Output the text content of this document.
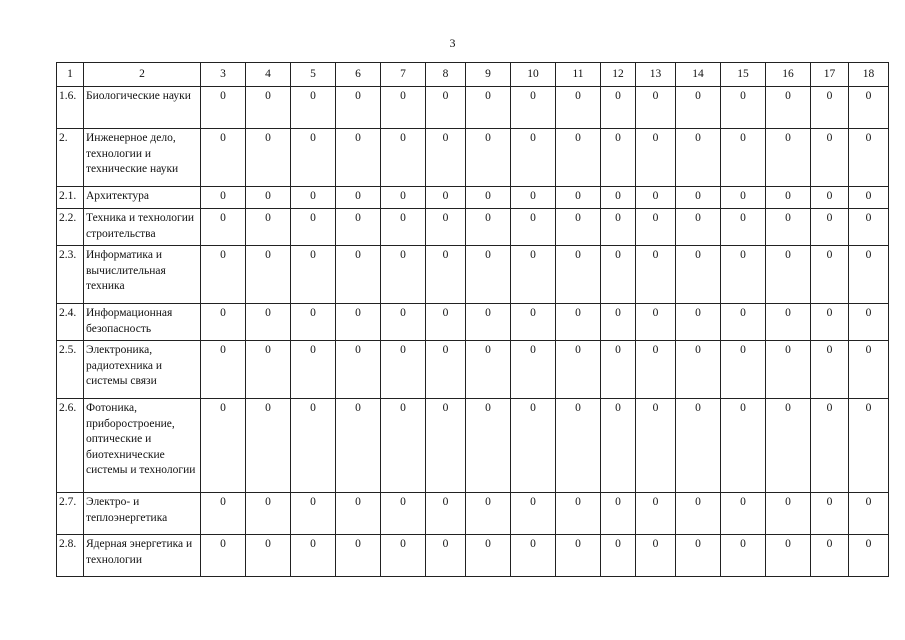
3
1	2	3	4	5	6	7	8	9	10	11	12	13	14	15	16	17	18
1.6.	Биологические науки	0	0	0	0	0	0	0	0	0	0	0	0	0	0	0	0
2.	Инженерное дело, технологии и технические науки	0	0	0	0	0	0	0	0	0	0	0	0	0	0	0	0
2.1.	Архитектура	0	0	0	0	0	0	0	0	0	0	0	0	0	0	0	0
2.2.	Техника и технологии строительства	0	0	0	0	0	0	0	0	0	0	0	0	0	0	0	0
2.3.	Информатика и вычислительная техника	0	0	0	0	0	0	0	0	0	0	0	0	0	0	0	0
2.4.	Информационная безопасность	0	0	0	0	0	0	0	0	0	0	0	0	0	0	0	0
2.5.	Электроника, радиотехника и системы связи	0	0	0	0	0	0	0	0	0	0	0	0	0	0	0	0
2.6.	Фотоника, приборостроение, оптические и биотехнические системы и технологии	0	0	0	0	0	0	0	0	0	0	0	0	0	0	0	0
2.7.	Электро- и теплоэнергетика	0	0	0	0	0	0	0	0	0	0	0	0	0	0	0	0
2.8.	Ядерная энергетика и технологии	0	0	0	0	0	0	0	0	0	0	0	0	0	0	0	0
